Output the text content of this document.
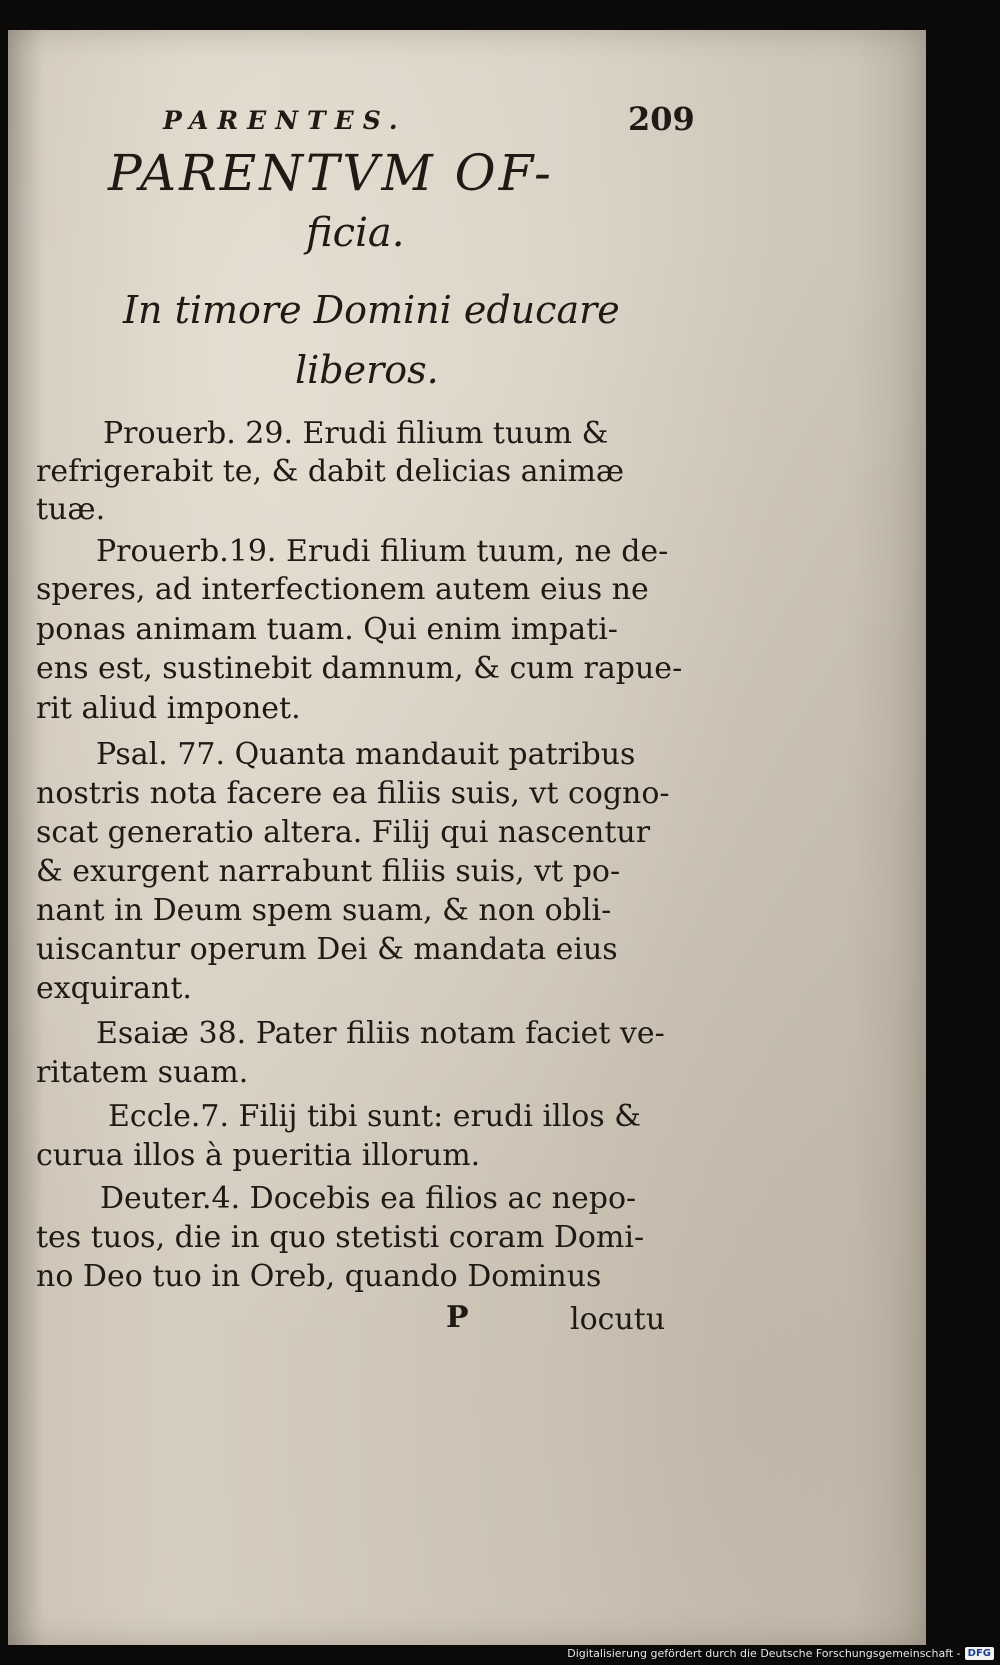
PARENTES.	209
PARENTVM OF-
ficia.
In timore Domini educare
liberos.
Prouerb. 29. Erudi filium tuum &
refrigerabit te, & dabit delicias animæ
tuæ.
Prouerb.19. Erudi filium tuum, ne de-
speres, ad interfectionem autem eius ne
ponas animam tuam. Qui enim impati-
ens est, sustinebit damnum, & cum rapue-
rit aliud imponet.
Psal. 77. Quanta mandauit patribus
nostris nota facere ea filiis suis, vt cogno-
scat generatio altera. Filij qui nascentur
& exurgent narrabunt filiis suis, vt po-
nant in Deum spem suam, & non obli-
uiscantur operum Dei & mandata eius
exquirant.
Esaiæ 38. Pater filiis notam faciet ve-
ritatem suam.
Eccle.7. Filij tibi sunt: erudi illos &
curua illos à pueritia illorum.
Deuter.4. Docebis ea filios ac nepo-
tes tuos, die in quo stetisti coram Domi-
no Deo tuo in Oreb, quando Dominus
P	locutu
Digitalisierung gefördert durch die Deutsche Forschungsgemeinschaft - DFG
